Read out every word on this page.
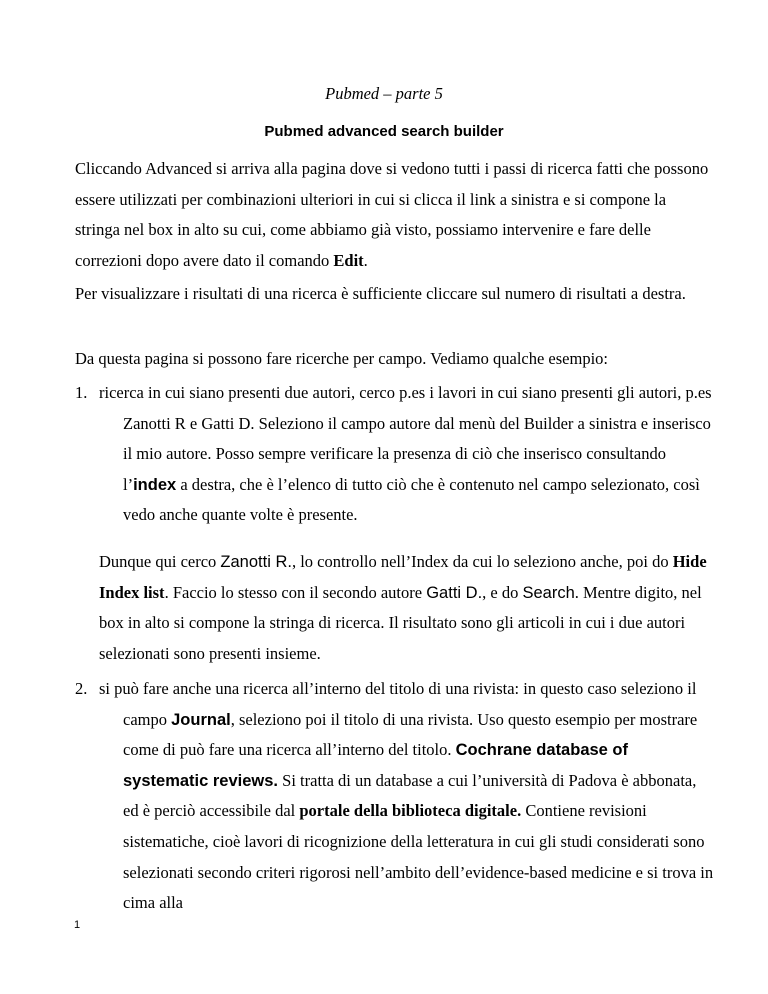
Pubmed – parte 5
Pubmed advanced search builder
Cliccando Advanced si arriva alla pagina dove si vedono tutti i passi di ricerca fatti che possono essere utilizzati per combinazioni ulteriori in cui si clicca il link a sinistra e si compone la stringa nel box in alto su cui, come abbiamo già visto, possiamo intervenire e fare delle correzioni dopo avere dato il comando Edit.
Per visualizzare i risultati di una ricerca è sufficiente cliccare sul numero di risultati a destra.
Da questa pagina si possono fare ricerche per campo. Vediamo qualche esempio:
1. ricerca in cui siano presenti due autori, cerco p.es i lavori in cui siano presenti gli autori, p.es Zanotti R e Gatti D. Seleziono il campo autore dal menù del Builder a sinistra e inserisco il mio autore. Posso sempre verificare la presenza di ciò che inserisco consultando l’index a destra, che è l’elenco di tutto ciò che è contenuto nel campo selezionato, così vedo anche quante volte è presente.
Dunque qui cerco Zanotti R., lo controllo nell’Index da cui lo seleziono anche, poi do Hide Index list. Faccio lo stesso con il secondo autore Gatti D., e do Search. Mentre digito, nel box in alto si compone la stringa di ricerca. Il risultato sono gli articoli in cui i due autori selezionati sono presenti insieme.
2. si può fare anche una ricerca all’interno del titolo di una rivista: in questo caso seleziono il campo Journal, seleziono poi il titolo di una rivista. Uso questo esempio per mostrare come di può fare una ricerca all’interno del titolo. Cochrane database of systematic reviews. Si tratta di un database a cui l’università di Padova è abbonata, ed è perciò accessibile dal portale della biblioteca digitale. Contiene revisioni sistematiche, cioè lavori di ricognizione della letteratura in cui gli studi considerati sono selezionati secondo criteri rigorosi nell’ambito dell’evidence-based medicine e si trova in cima alla
1
